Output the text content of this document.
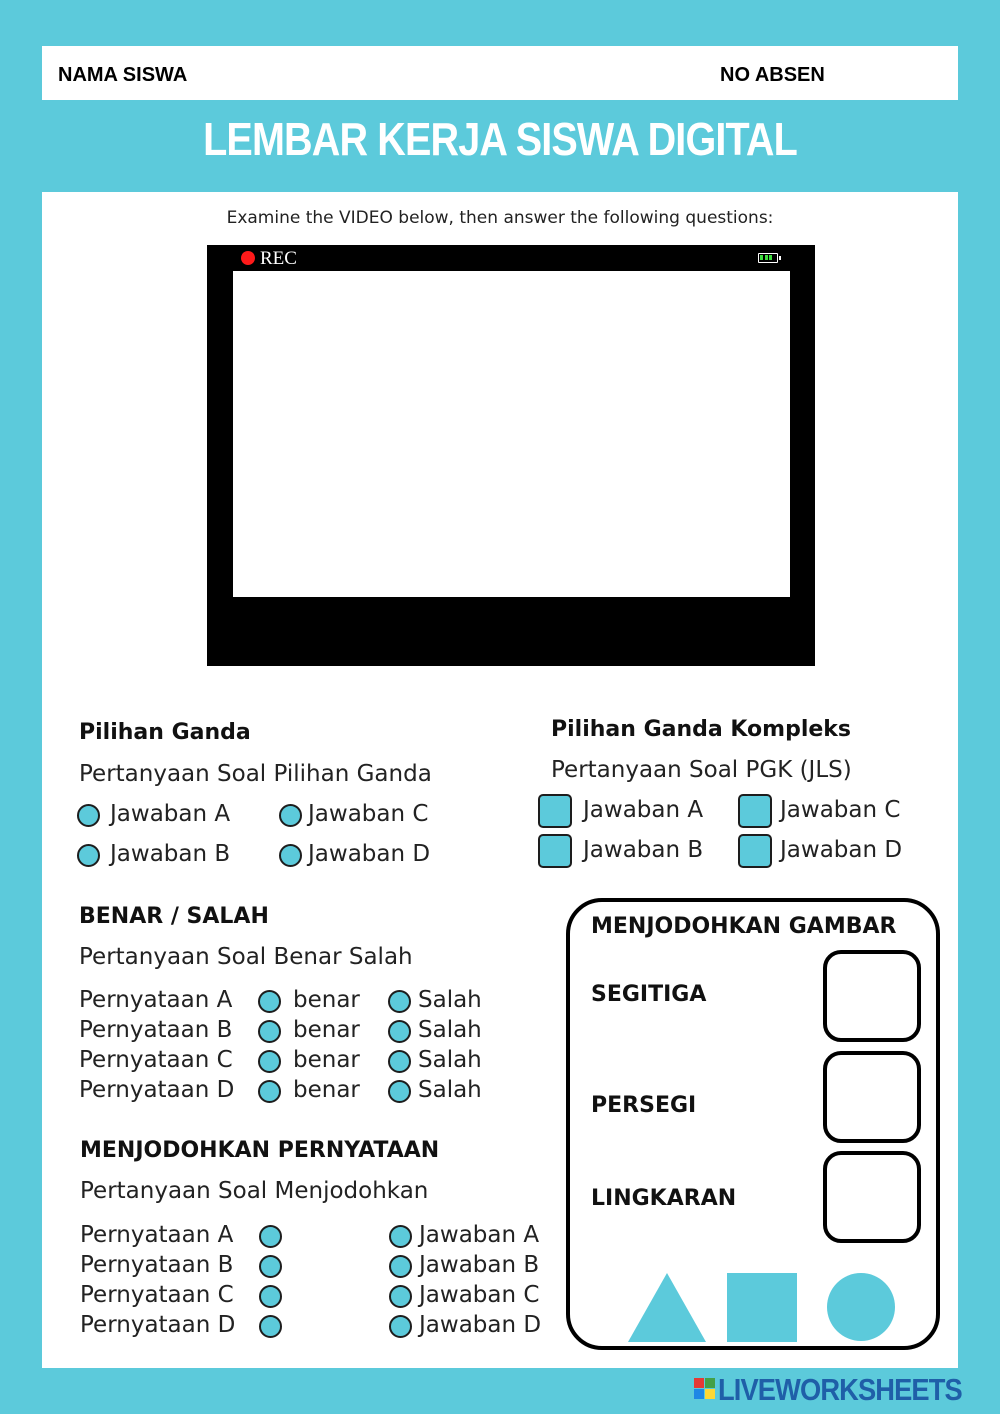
NAMA SISWA	NO ABSEN
LEMBAR KERJA SISWA DIGITAL
Examine the VIDEO below, then answer the following questions:
REC
Pilihan Ganda
Pertanyaan Soal Pilihan Ganda
Jawaban A	Jawaban C
Jawaban B	Jawaban D
Pilihan Ganda Kompleks
Pertanyaan Soal PGK (JLS)
Jawaban A	Jawaban C
Jawaban B	Jawaban D
BENAR / SALAH
Pertanyaan Soal Benar Salah
Pernyataan A	benar	Salah
Pernyataan B	benar	Salah
Pernyataan C	benar	Salah
Pernyataan D	benar	Salah
MENJODOHKAN PERNYATAAN
Pertanyaan Soal Menjodohkan
Pernyataan A	Jawaban A
Pernyataan B	Jawaban B
Pernyataan C	Jawaban C
Pernyataan D	Jawaban D
MENJODOHKAN GAMBAR
SEGITIGA
PERSEGI
LINGKARAN
LIVEWORKSHEETS
